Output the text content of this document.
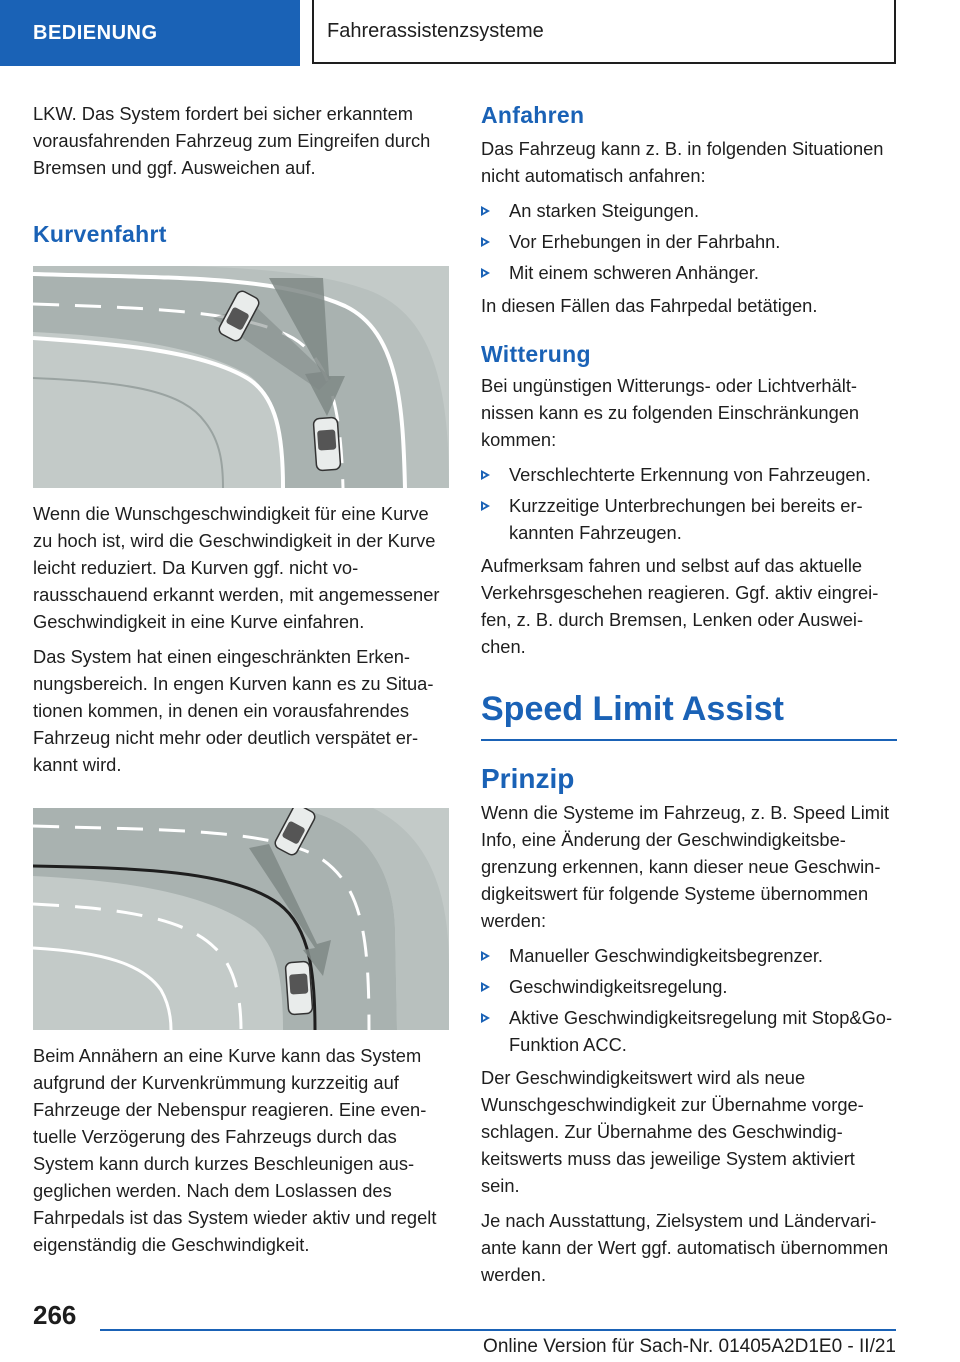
BEDIENUNG	Fahrerassistenzsysteme

LKW. Das System fordert bei sicher erkanntem vorausfahrenden Fahrzeug zum Eingreifen durch Bremsen und ggf. Ausweichen auf.

Kurvenfahrt

Wenn die Wunschgeschwindigkeit für eine Kurve zu hoch ist, wird die Geschwindigkeit in der Kurve leicht reduziert. Da Kurven ggf. nicht vorausschauend erkannt werden, mit angemessener Geschwindigkeit in eine Kurve einfahren.

Das System hat einen eingeschränkten Erkennungsbereich. In engen Kurven kann es zu Situationen kommen, in denen ein vorausfahrendes Fahrzeug nicht mehr oder deutlich verspätet erkannt wird.

Beim Annähern an eine Kurve kann das System aufgrund der Kurvenkrümmung kurzzeitig auf Fahrzeuge der Nebenspur reagieren. Eine eventuelle Verzögerung des Fahrzeugs durch das System kann durch kurzes Beschleunigen ausgeglichen werden. Nach dem Loslassen des Fahrpedals ist das System wieder aktiv und regelt eigenständig die Geschwindigkeit.

Anfahren

Das Fahrzeug kann z. B. in folgenden Situationen nicht automatisch anfahren:

An starken Steigungen.
Vor Erhebungen in der Fahrbahn.
Mit einem schweren Anhänger.

In diesen Fällen das Fahrpedal betätigen.

Witterung

Bei ungünstigen Witterungs- oder Lichtverhältnissen kann es zu folgenden Einschränkungen kommen:

Verschlechterte Erkennung von Fahrzeugen.
Kurzzeitige Unterbrechungen bei bereits erkannten Fahrzeugen.

Aufmerksam fahren und selbst auf das aktuelle Verkehrsgeschehen reagieren. Ggf. aktiv eingreifen, z. B. durch Bremsen, Lenken oder Ausweichen.

Speed Limit Assist
Prinzip

Wenn die Systeme im Fahrzeug, z. B. Speed Limit Info, eine Änderung der Geschwindigkeitsbegrenzung erkennen, kann dieser neue Geschwindigkeitswert für folgende Systeme übernommen werden:

Manueller Geschwindigkeitsbegrenzer.
Geschwindigkeitsregelung.
Aktive Geschwindigkeitsregelung mit Stop&Go-Funktion ACC.

Der Geschwindigkeitswert wird als neue Wunschgeschwindigkeit zur Übernahme vorgeschlagen. Zur Übernahme des Geschwindigkeitswerts muss das jeweilige System aktiviert sein.

Je nach Ausstattung, Zielsystem und Ländervariante kann der Wert ggf. automatisch übernommen werden.

266
Online Version für Sach-Nr. 01405A2D1E0 - II/21
